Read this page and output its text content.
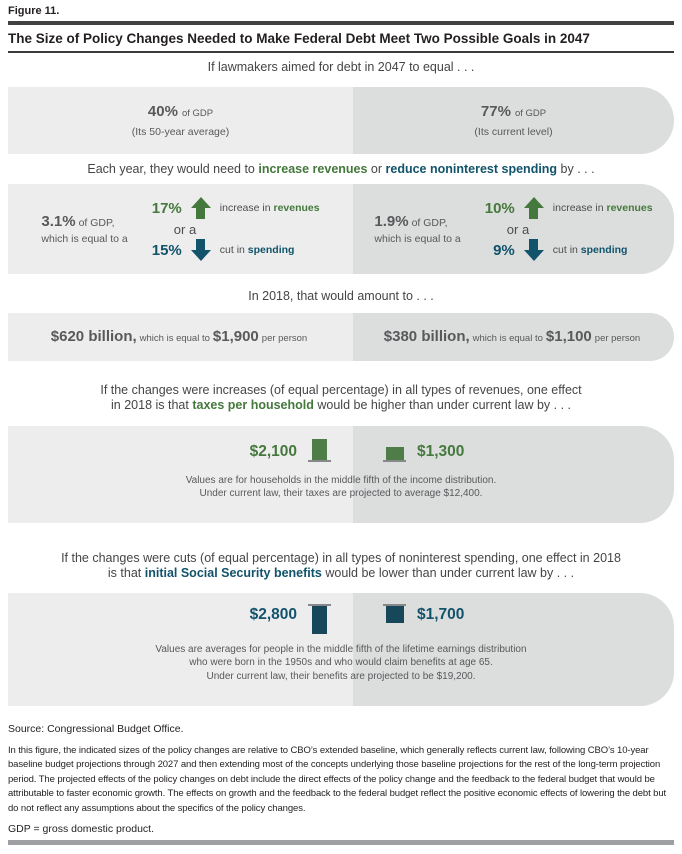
Figure 11.
The Size of Policy Changes Needed to Make Federal Debt Meet Two Possible Goals in 2047
If lawmakers aimed for debt in 2047 to equal . . .
40% of GDP
(Its 50-year average)
77% of GDP
(Its current level)
Each year, they would need to increase revenues or reduce noninterest spending by . . .
3.1% of GDP,
which is equal to a
17%	increase in revenues
or a
15%	cut in spending
1.9% of GDP,
which is equal to a
10%	increase in revenues
or a
9%	cut in spending
In 2018, that would amount to . . .
$620 billion, which is equal to $1,900 per person	$380 billion, which is equal to $1,100 per person
If the changes were increases (of equal percentage) in all types of revenues, one effect
in 2018 is that taxes per household would be higher than under current law by . . .
$2,100	$1,300
Values are for households in the middle fifth of the income distribution.
Under current law, their taxes are projected to average $12,400.
If the changes were cuts (of equal percentage) in all types of noninterest spending, one effect in 2018
is that initial Social Security benefits would be lower than under current law by . . .
$2,800	$1,700
Values are averages for people in the middle fifth of the lifetime earnings distribution
who were born in the 1950s and who would claim benefits at age 65.
Under current law, their benefits are projected to be $19,200.
Source: Congressional Budget Office.
In this figure, the indicated sizes of the policy changes are relative to CBO’s extended baseline, which generally reflects current law, following CBO’s 10-year baseline budget projections through 2027 and then extending most of the concepts underlying those baseline projections for the rest of the long-term projection period. The projected effects of the policy changes on debt include the direct effects of the policy change and the feedback to the federal budget that would be attributable to faster economic growth. The effects on growth and the feedback to the federal budget reflect the positive economic effects of lowering the debt but do not reflect any assumptions about the specifics of the policy changes.
GDP = gross domestic product.
